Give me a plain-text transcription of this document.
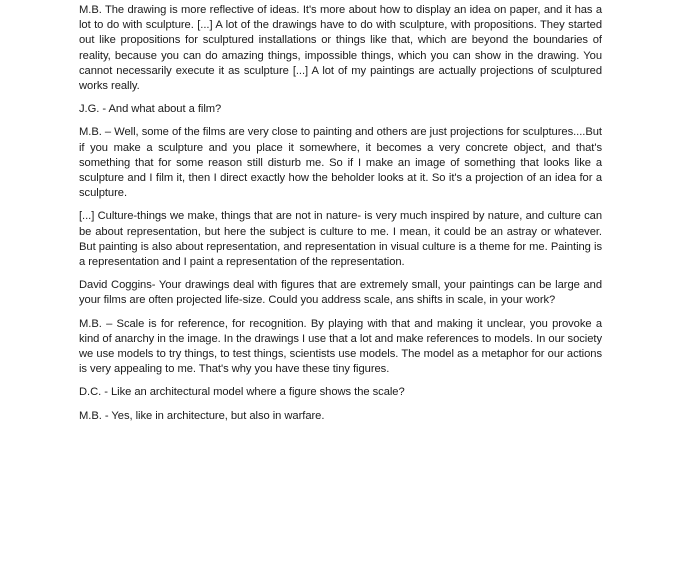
M.B. The drawing is more reflective of ideas. It's more about how to display an idea on paper, and it has a lot to do with sculpture. [...] A lot of the drawings have to do with sculpture, with propositions. They started out like propositions for sculptured installations or things like that, which are beyond the boundaries of reality, because you can do amazing things, impossible things, which you can show in the drawing. You cannot necessarily execute it as sculpture [...] A lot of my paintings are actually projections of sculptured works really.

J.G. - And what about a film?

M.B. – Well, some of the films are very close to painting and others are just projections for sculptures....But if you make a sculpture and you place it somewhere, it becomes a very concrete object, and that's something that for some reason still disturb me. So if I make an image of something that looks like a sculpture and I film it, then I direct exactly how the beholder looks at it. So it's a projection of an idea for a sculpture.

[...] Culture-things we make, things that are not in nature- is very much inspired by nature, and culture can be about representation, but here the subject is culture to me. I mean, it could be an astray or whatever. But painting is also about representation, and representation in visual culture is a theme for me. Painting is a representation and I paint a representation of the representation.

David Coggins- Your drawings deal with figures that are extremely small, your paintings can be large and your films are often projected life-size. Could you address scale, ans shifts in scale, in your work?

M.B. – Scale is for reference, for recognition. By playing with that and making it unclear, you provoke a kind of anarchy in the image. In the drawings I use that a lot and make references to models. In our society we use models to try things, to test things, scientists use models. The model as a metaphor for our actions is very appealing to me. That's why you have these tiny figures.

D.C. - Like an architectural model where a figure shows the scale?

M.B. - Yes, like in architecture, but also in warfare.
